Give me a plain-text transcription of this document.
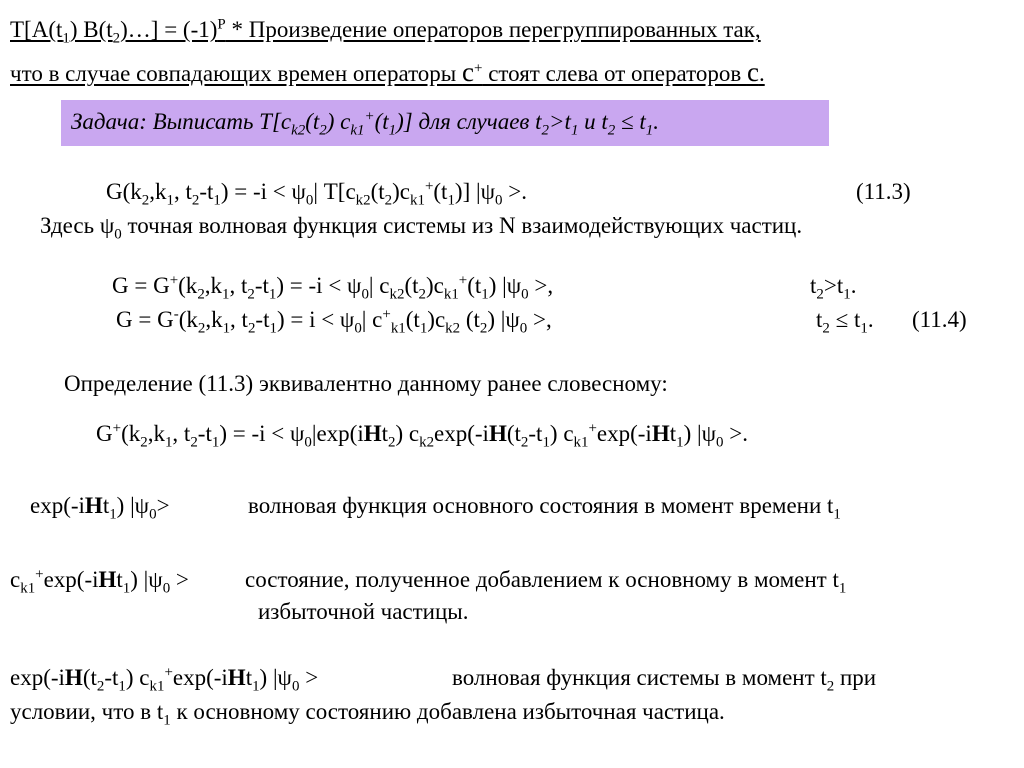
$T[A(t_1)$ $B(t_2)\dots] = (-1)^P$ * Произведение операторов перегруппированных так,
что в случае совпадающих времен операторы c+ стоят слева от операторов c.
Задача: Выписать $T[c_{k2}(t_2)$ $c_{k1}^+(t_1)$] для случаев $t_2>t_1$ и $t_2 \le t_1$.
$G(k_2,k_1$, $t_2-t_1) = -i < \psi_0|$ $T[c_{k2}(t_2)c_{k1}^+(t_1)]$ $|\psi_0$ >.	(11.3)
Здесь $\psi_0$ точная волновая функция системы из N взаимодействующих частиц.
$G = G^+(k_2,k_1$, $t_2-t_1) = -i < \psi_0|$ $c_{k2}(t_2)c_{k1}^+(t_1)$ $|\psi_0$ >,	$t_2>t_1$.
$G = G^-(k_2,k_1$, $t_2-t_1) = i < \psi_0|$ $c^+_{k1}(t_1)c_{k2}$ $(t_2)$ $|\psi_0$ >,	$t_2 \le t_1$. (11.4)
Определение (11.3) эквивалентно данному ранее словесному:
$G^+(k_2,k_1$, $t_2-t_1) = -i < \psi_0|\exp(iHt_2)$ $c_{k2}\exp(-iH(t_2-t_1)$ $c_{k1}^+\exp(-iHt_1)$ $|\psi_0$ >.
exp(-iHt$_1$) $|\psi_0>$	волновая функция основного состояния в момент времени $t_1$
$c_{k1}^+\exp(-iHt_1) |\psi_0$ > состояние, полученное добавлением к основному в момент $t_1$
избыточной частицы.
$\exp(-iH(t_2-t_1)$ $c_{k1}^+\exp(-iHt_1) |\psi_0$ >	волновая функция системы в момент $t_2$ при
условии, что в $t_1$ к основному состоянию добавлена избыточная частица.
